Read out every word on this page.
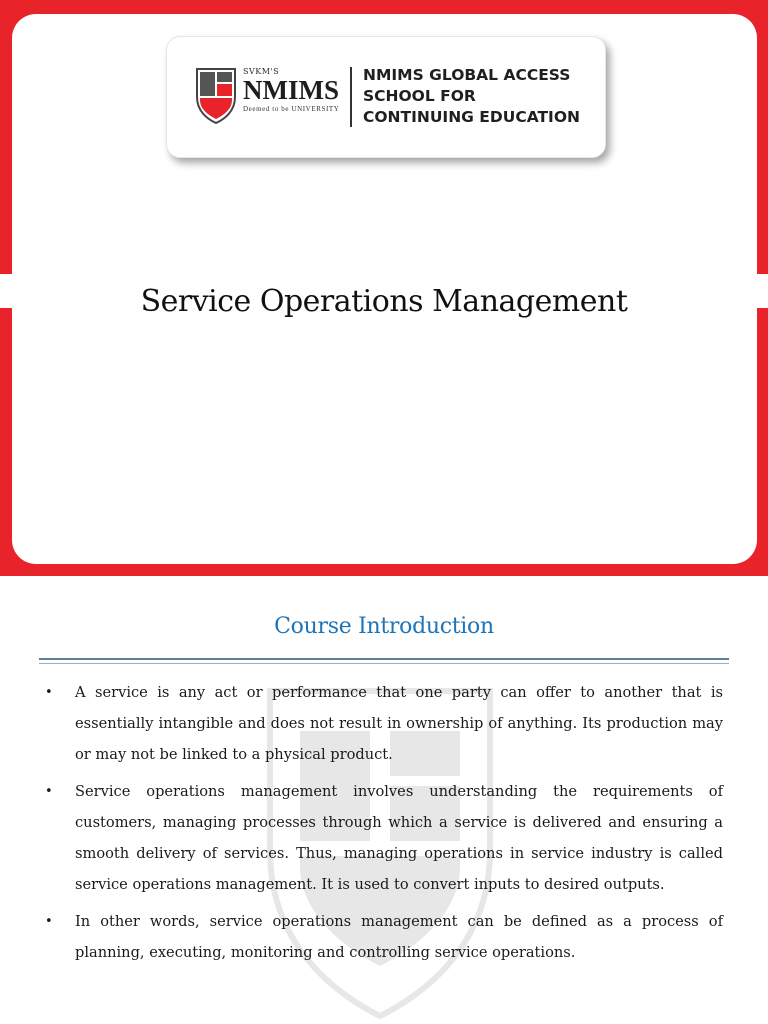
SVKM'S
NMIMS
Deemed to be UNIVERSITY
NMIMS GLOBAL ACCESS
SCHOOL FOR
CONTINUING EDUCATION
Service Operations Management
Course Introduction
• A service is any act or performance that one party can offer to another that is essentially intangible and does not result in ownership of anything. Its production may or may not be linked to a physical product.
• Service operations management involves understanding the requirements of customers, managing processes through which a service is delivered and ensuring a smooth delivery of services. Thus, managing operations in service industry is called service operations management. It is used to convert inputs to desired outputs.
• In other words, service operations management can be defined as a process of planning, executing, monitoring and controlling service operations.
